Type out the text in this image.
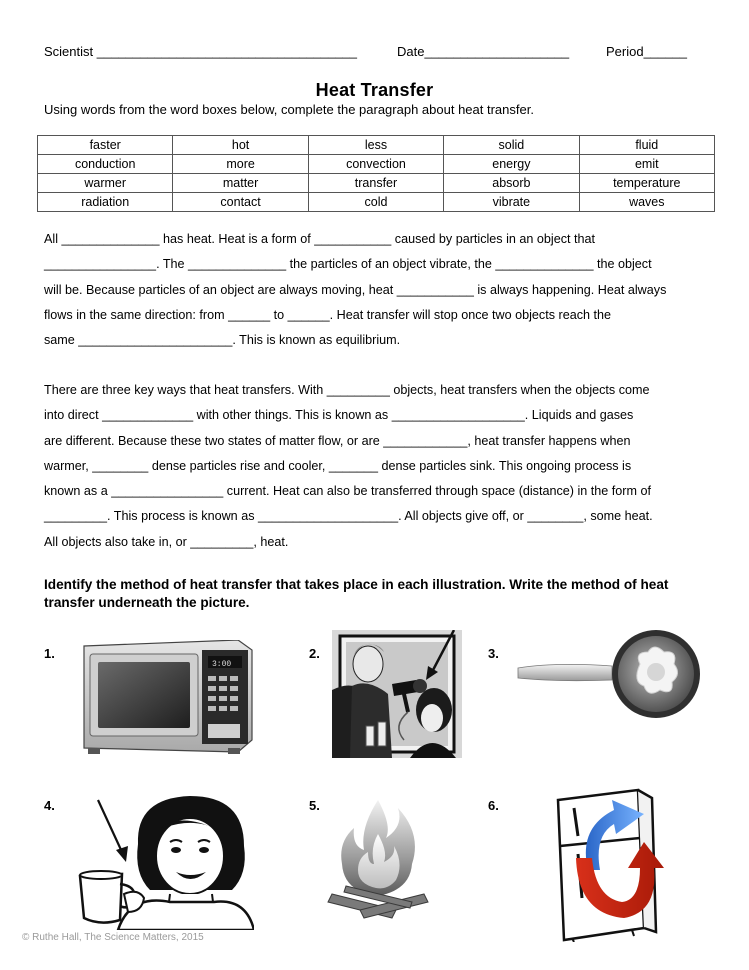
Scientist ____________________________________	Date____________________	Period______
Heat Transfer
Using words from the word boxes below, complete the paragraph about heat transfer.
faster	hot	less	solid	fluid
conduction	more	convection	energy	emit
warmer	matter	transfer	absorb	temperature
radiation	contact	cold	vibrate	waves
All ______________ has heat. Heat is a form of ___________ caused by particles in an object that
________________. The ______________ the particles of an object vibrate, the ______________ the object
will be. Because particles of an object are always moving, heat ___________ is always happening. Heat always
flows in the same direction: from ______ to ______. Heat transfer will stop once two objects reach the
same ______________________. This is known as equilibrium.
There are three key ways that heat transfers. With _________ objects, heat transfers when the objects come
into direct _____________ with other things. This is known as ___________________. Liquids and gases
are different. Because these two states of matter flow, or are ____________, heat transfer happens when
warmer, ________ dense particles rise and cooler, _______ dense particles sink. This ongoing process is
known as a ________________ current. Heat can also be transferred through space (distance) in the form of
_________. This process is known as ____________________. All objects give off, or ________, some heat.
All objects also take in, or _________, heat.
Identify the method of heat transfer that takes place in each illustration. Write the method of heat transfer underneath the picture.
1.
3:00
2.	3.
4.	5.	6.
© Ruthe Hall, The Science Matters, 2015
